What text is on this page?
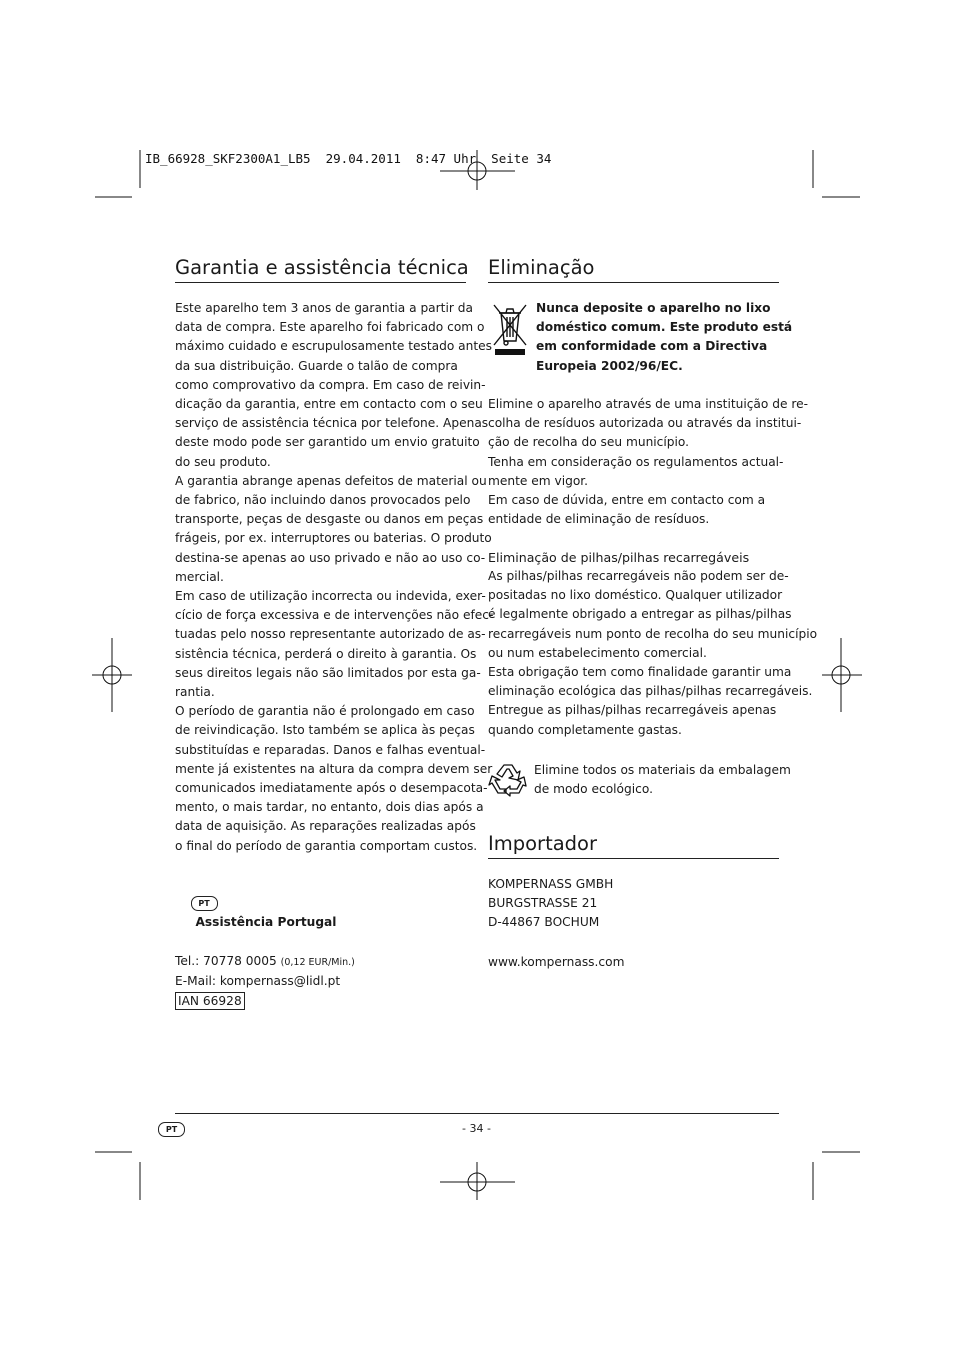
IB_66928_SKF2300A1_LB5  29.04.2011  8:47 Uhr  Seite 34
Garantia e assistência técnica

Este aparelho tem 3 anos de garantia a partir da

data de compra. Este aparelho foi fabricado com o

máximo cuidado e escrupulosamente testado antes

da sua distribuição. Guarde o talão de compra

como comprovativo da compra. Em caso de reivin-

dicação da garantia, entre em contacto com o seu

serviço de assistência técnica por telefone. Apenas

deste modo pode ser garantido um envio gratuito

do seu produto.

A garantia abrange apenas defeitos de material ou

de fabrico, não incluindo danos provocados pelo

transporte, peças de desgaste ou danos em peças

frágeis, por ex. interruptores ou baterias. O produto

destina-se apenas ao uso privado e não ao uso co-

mercial.

Em caso de utilização incorrecta ou indevida, exer-

cício de força excessiva e de intervenções não efec-

tuadas pelo nosso representante autorizado de as-

sistência técnica, perderá o direito à garantia. Os

seus direitos legais não são limitados por esta ga-

rantia.

O período de garantia não é prolongado em caso

de reivindicação. Isto também se aplica às peças

substituídas e reparadas. Danos e falhas eventual-

mente já existentes na altura da compra devem ser

comunicados imediatamente após o desempacota-

mento, o mais tardar, no entanto, dois dias após a

data de aquisição. As reparações realizadas após

o final do período de garantia comportam custos.

PT
Assistência Portugal

Tel.: 70778 0005 (0,12 EUR/Min.)

E-Mail: kompernass@lidl.pt

IAN 66928

Eliminação

Nunca deposite o aparelho no lixo

doméstico comum. Este produto está

em conformidade com a Directiva

Europeia 2002/96/EC.

Elimine o aparelho através de uma instituição de re-

colha de resíduos autorizada ou através da institui-

ção de recolha do seu município.

Tenha em consideração os regulamentos actual-

mente em vigor.

Em caso de dúvida, entre em contacto com a

entidade de eliminação de resíduos.

Eliminação de pilhas/pilhas recarregáveis

As pilhas/pilhas recarregáveis não podem ser de-

positadas no lixo doméstico. Qualquer utilizador

é legalmente obrigado a entregar as pilhas/pilhas

recarregáveis num ponto de recolha do seu município

ou num estabelecimento comercial.

Esta obrigação tem como finalidade garantir uma

eliminação ecológica das pilhas/pilhas recarregáveis.

Entregue as pilhas/pilhas recarregáveis apenas

quando completamente gastas.

Elimine todos os materiais da embalagem

de modo ecológico.

Importador

KOMPERNASS GMBH

BURGSTRASSE 21

D-44867 BOCHUM

www.kompernass.com

PT	- 34 -
